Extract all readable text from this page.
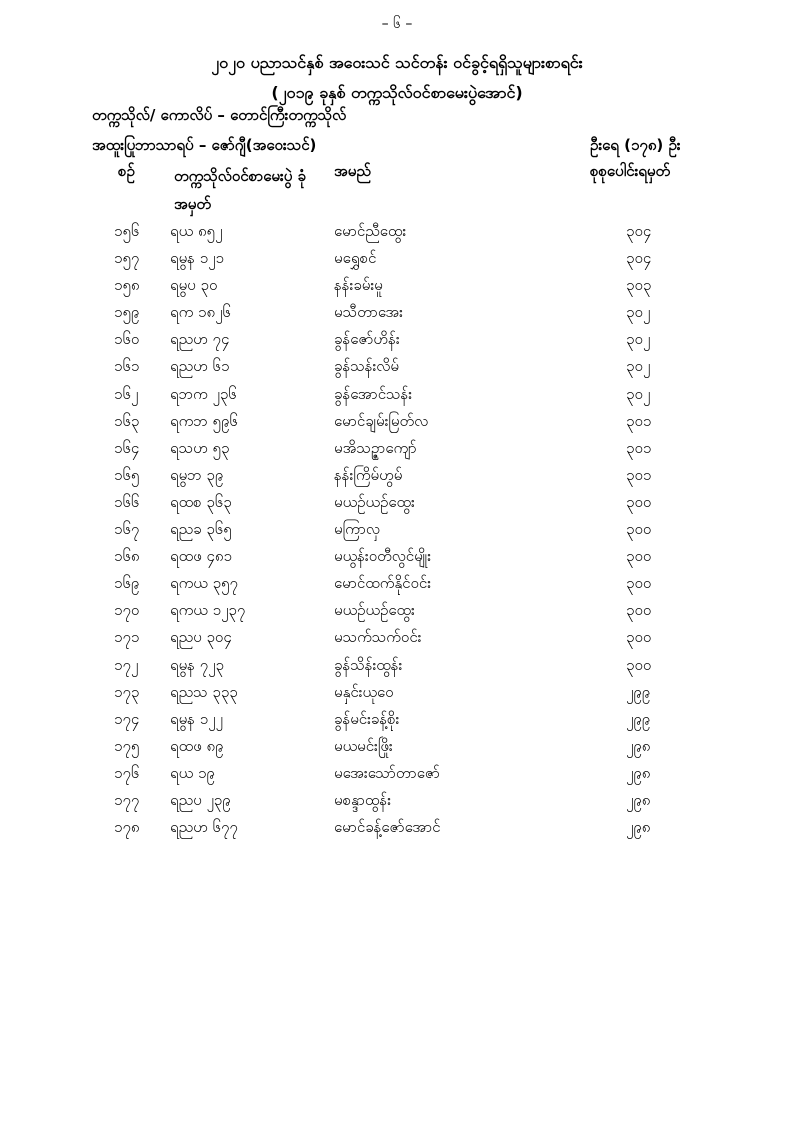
– ၆ –
၂၀၂၀ ပညာသင်နှစ် အဝေးသင် သင်တန်း ဝင်ခွင့်ရရှိသူများစာရင်း
(၂၀၁၉ ခုနှစ် တက္ကသိုလ်ဝင်စာမေးပွဲအောင်)
တက္ကသိုလ်/ ကောလိပ် – တောင်ကြီးတက္ကသိုလ်
အထူးပြုဘာသာရပ် – ဇော်ဂျီ(အဝေးသင်)	ဦးရေ (၁၇၈) ဦး
စဉ်	တက္ကသိုလ်ဝင်စာမေးပွဲ ခုံအမှတ်
အမည်	စုစုပေါင်းရမှတ်
၁၅၆ ရယ ၈၅၂	မောင်ညီထွေး	၃၀၄
၁၅၇ ရမွန ၁၂၁	မရွှေစင်	၃၀၄
၁၅၈ ရမွပ ၃၀	နန်းခမ်းမူ	၃၀၃
၁၅၉ ရက ၁၈၂၆	မသီတာအေး	၃၀၂
၁၆၀ ရညဟ ၇၄	ခွန်ဇော်ဟိန်း	၃၀၂
၁၆၁ ရညဟ ၆၁	ခွန်သန်းလိမ်	၃၀၂
၁၆၂ ရဘက ၂၃၆	ခွန်အောင်သန်း	၃၀၂
၁၆၃ ရကဘ ၅၉၆	မောင်ချမ်းမြတ်လ	၃၀၁
၁၆၄ ရသဟ ၅၃	မအိသဥ္ဇာကျော်	၃၀၁
၁၆၅ ရမွဘ ၃၉	နန်းကြိမ်ဟွမ်	၃၀၁
၁၆၆ ရထစ ၃၆၃	မယဉ်ယဉ်ထွေး	၃၀၀
၁၆၇ ရညခ ၃၆၅	မကြာလှ	၃၀၀
၁၆၈ ရထဖ ၄၈၁	မယွန်းဝတီလွင်မျိုး	၃၀၀
၁၆၉ ရကယ ၃၅၇	မောင်ထက်နိုင်ဝင်း	၃၀၀
၁၇၀ ရကယ ၁၂၃၇	မယဉ်ယဉ်ထွေး	၃၀၀
၁၇၁ ရညပ ၃၀၄	မသက်သက်ဝင်း	၃၀၀
၁၇၂ ရမွန ၇၂၃	ခွန်သိန်းထွန်း	၃၀၀
၁၇၃ ရညသ ၃၃၃	မနှင်းယုဝေ	၂၉၉
၁၇၄ ရမွန ၁၂၂	ခွန်မင်းခန့်စိုး	၂၉၉
၁၇၅ ရထဖ ၈၉	မယမင်းဖြိုး	၂၉၈
၁၇၆ ရယ ၁၉	မအေးသော်တာဇော်	၂၉၈
၁၇၇ ရညပ ၂၃၉	မစန္ဒာထွန်း	၂၉၈
၁၇၈ ရညဟ ၆၇၇	မောင်ခန့်ဇော်အောင်	၂၉၈
